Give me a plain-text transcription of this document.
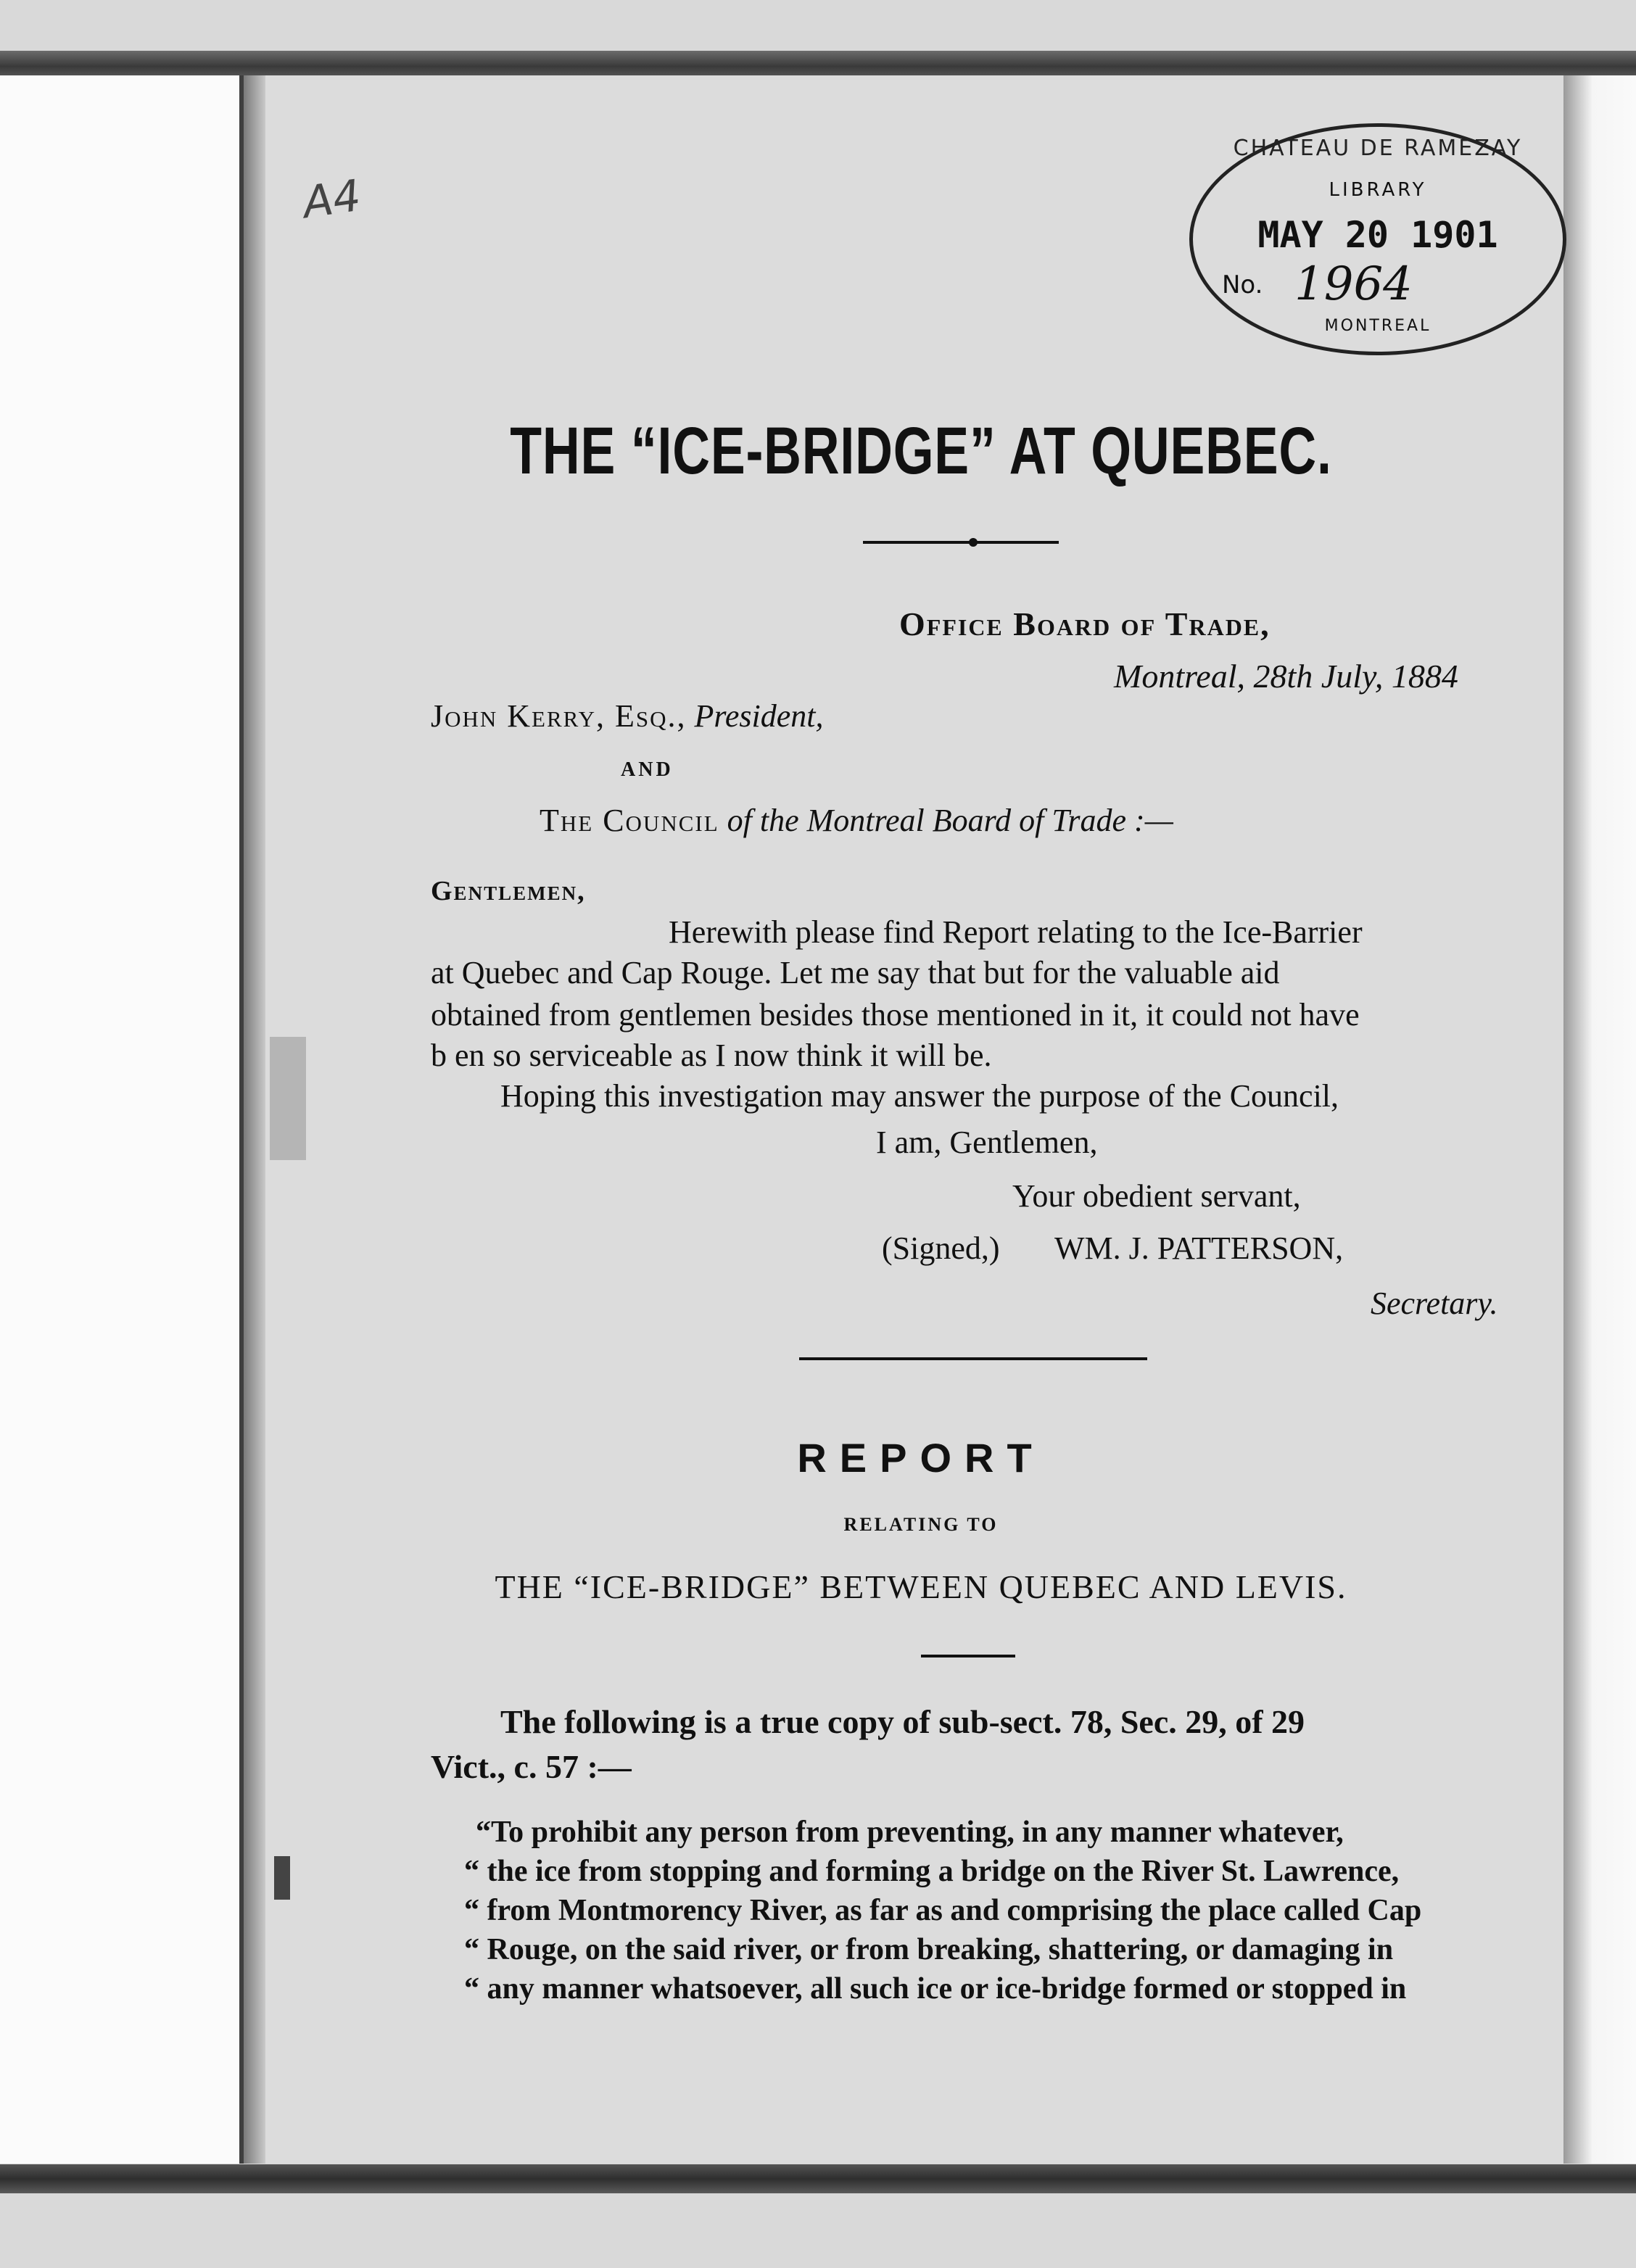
A4
CHATEAU DE RAMEZAY
LIBRARY
MAY 20 1901
No. 1964
MONTREAL
THE “ICE-BRIDGE” AT QUEBEC.
Office Board of Trade,
Montreal, 28th July, 1884
John Kerry, Esq., President,
AND
The Council of the Montreal Board of Trade :—
Gentlemen,
Herewith please find Report relating to the Ice-Barrier
at Quebec and Cap Rouge. Let me say that but for the valuable aid
obtained from gentlemen besides those mentioned in it, it could not have
b en so serviceable as I now think it will be.
Hoping this investigation may answer the purpose of the Council,
I am, Gentlemen,
Your obedient servant,
(Signed,) WM. J. PATTERSON,
Secretary.
REPORT
RELATING TO
THE “ICE-BRIDGE” BETWEEN QUEBEC AND LEVIS.
The following is a true copy of sub-sect. 78, Sec. 29, of 29
Vict., c. 57 :—
“To prohibit any person from preventing, in any manner whatever,
“ the ice from stopping and forming a bridge on the River St. Lawrence,
“ from Montmorency River, as far as and comprising the place called Cap
“ Rouge, on the said river, or from breaking, shattering, or damaging in
“ any manner whatsoever, all such ice or ice-bridge formed or stopped in
